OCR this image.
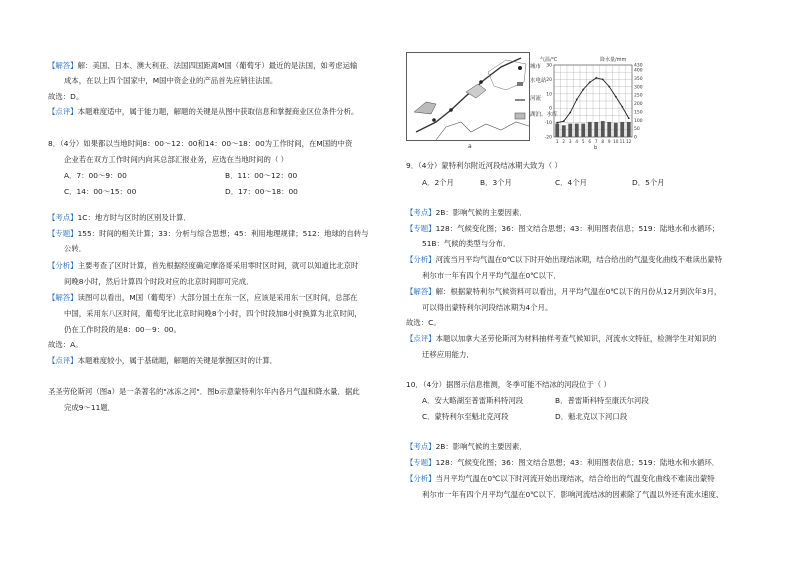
【解答】解：美国、日本、澳大利亚、法国四国距离M国（葡萄牙）最近的是法国，如考虑运输
成本，在以上四个国家中，M国中资企业的产品首先应销往法国。
故选：D。
【点评】本题难度适中，属于能力题，解题的关键是从图中获取信息和掌握商业区位条件分析。
8．（4分）如果都以当地时间8：00～12：00和14：00～18：00为工作时间，在M国的中资
企业若在双方工作时间内向其总部汇报业务，应选在当地时间的（ ）
A．7：00～9：00	B．11：00～12：00
C．14：00～15：00	D．17：00～18：00
【考点】1C：地方时与区时的区别及计算．
【专题】155：时间的相关计算；33：分析与综合思想；45：利用地理规律；512：地球的自转与
公转．
【分析】主要考查了区时计算，首先根据经度确定摩洛哥采用零时区时间，就可以知道比北京时
间晚8小时，然后计算四个时段对应的北京时间即可完成．
【解答】读图可以看出，M国（葡萄牙）大部分国土在东一区，应该是采用东一区时间，总部在
中国，采用东八区时间，葡萄牙比北京时间晚8个小时，四个时段加8小时换算为北京时间，
仍在工作时段的是8：00－9：00。
故选：A。
【点评】本题难度较小，属于基础题，解题的关键是掌握区时的计算．
圣圣劳伦斯河（图a）是一条著名的"冰冻之河"．图b示意蒙特利尔年内各月气温和降水量．据此
完成9～11题．
a
城市
水电站
河流
湖泊、水库
气温/℃	降水量/mm
30
20
10
0
-10
-20
430
400
350
300
250
200
150
100
50
0
1 2 3 4 5 6 7 8 9 10 11 12
b
9．（4分）蒙特利尔附近河段结冰期大致为（ ）
A．2个月	B．3个月	C．4个月	D．5个月
【考点】2B：影响气候的主要因素．
【专题】128：气候变化图；36：图文结合思想；43：利用图表信息；519：陆地水和水循环；
51B：气候的类型与分布．
【分析】河流当月平均气温在0℃以下时开始出现结冰期，结合给出的气温变化曲线不难读出蒙特
利尔市一年有四个月平均气温在0℃以下．
【解答】解：根据蒙特利尔气候资料可以看出，月平均气温在0℃以下的月份从12月到次年3月，
可以得出蒙特利尔河段结冰期为4个月。
故选：C。
【点评】本题以加拿大圣劳伦斯河为材料抽样考查气候知识，河流水文特征，检测学生对知识的
迁移应用能力．
10．（4分）据图示信息推测，冬季可能不结冰的河段位于（ ）
A．安大略湖至普雷斯科特河段	B．普雷斯科特至康沃尔河段
C．蒙特利尔至魁北克河段	D．魁北克以下河口段
【考点】2B：影响气候的主要因素．
【专题】128：气候变化图；36：图文结合思想；43：利用图表信息；519：陆地水和水循环．
【分析】当月平均气温在0℃以下时河流开始出现结冰，结合给出的气温变化曲线不难读出蒙特
利尔市一年有四个月平均气温在0℃以下．影响河流结冰的因素除了气温以外还有流水速度、
